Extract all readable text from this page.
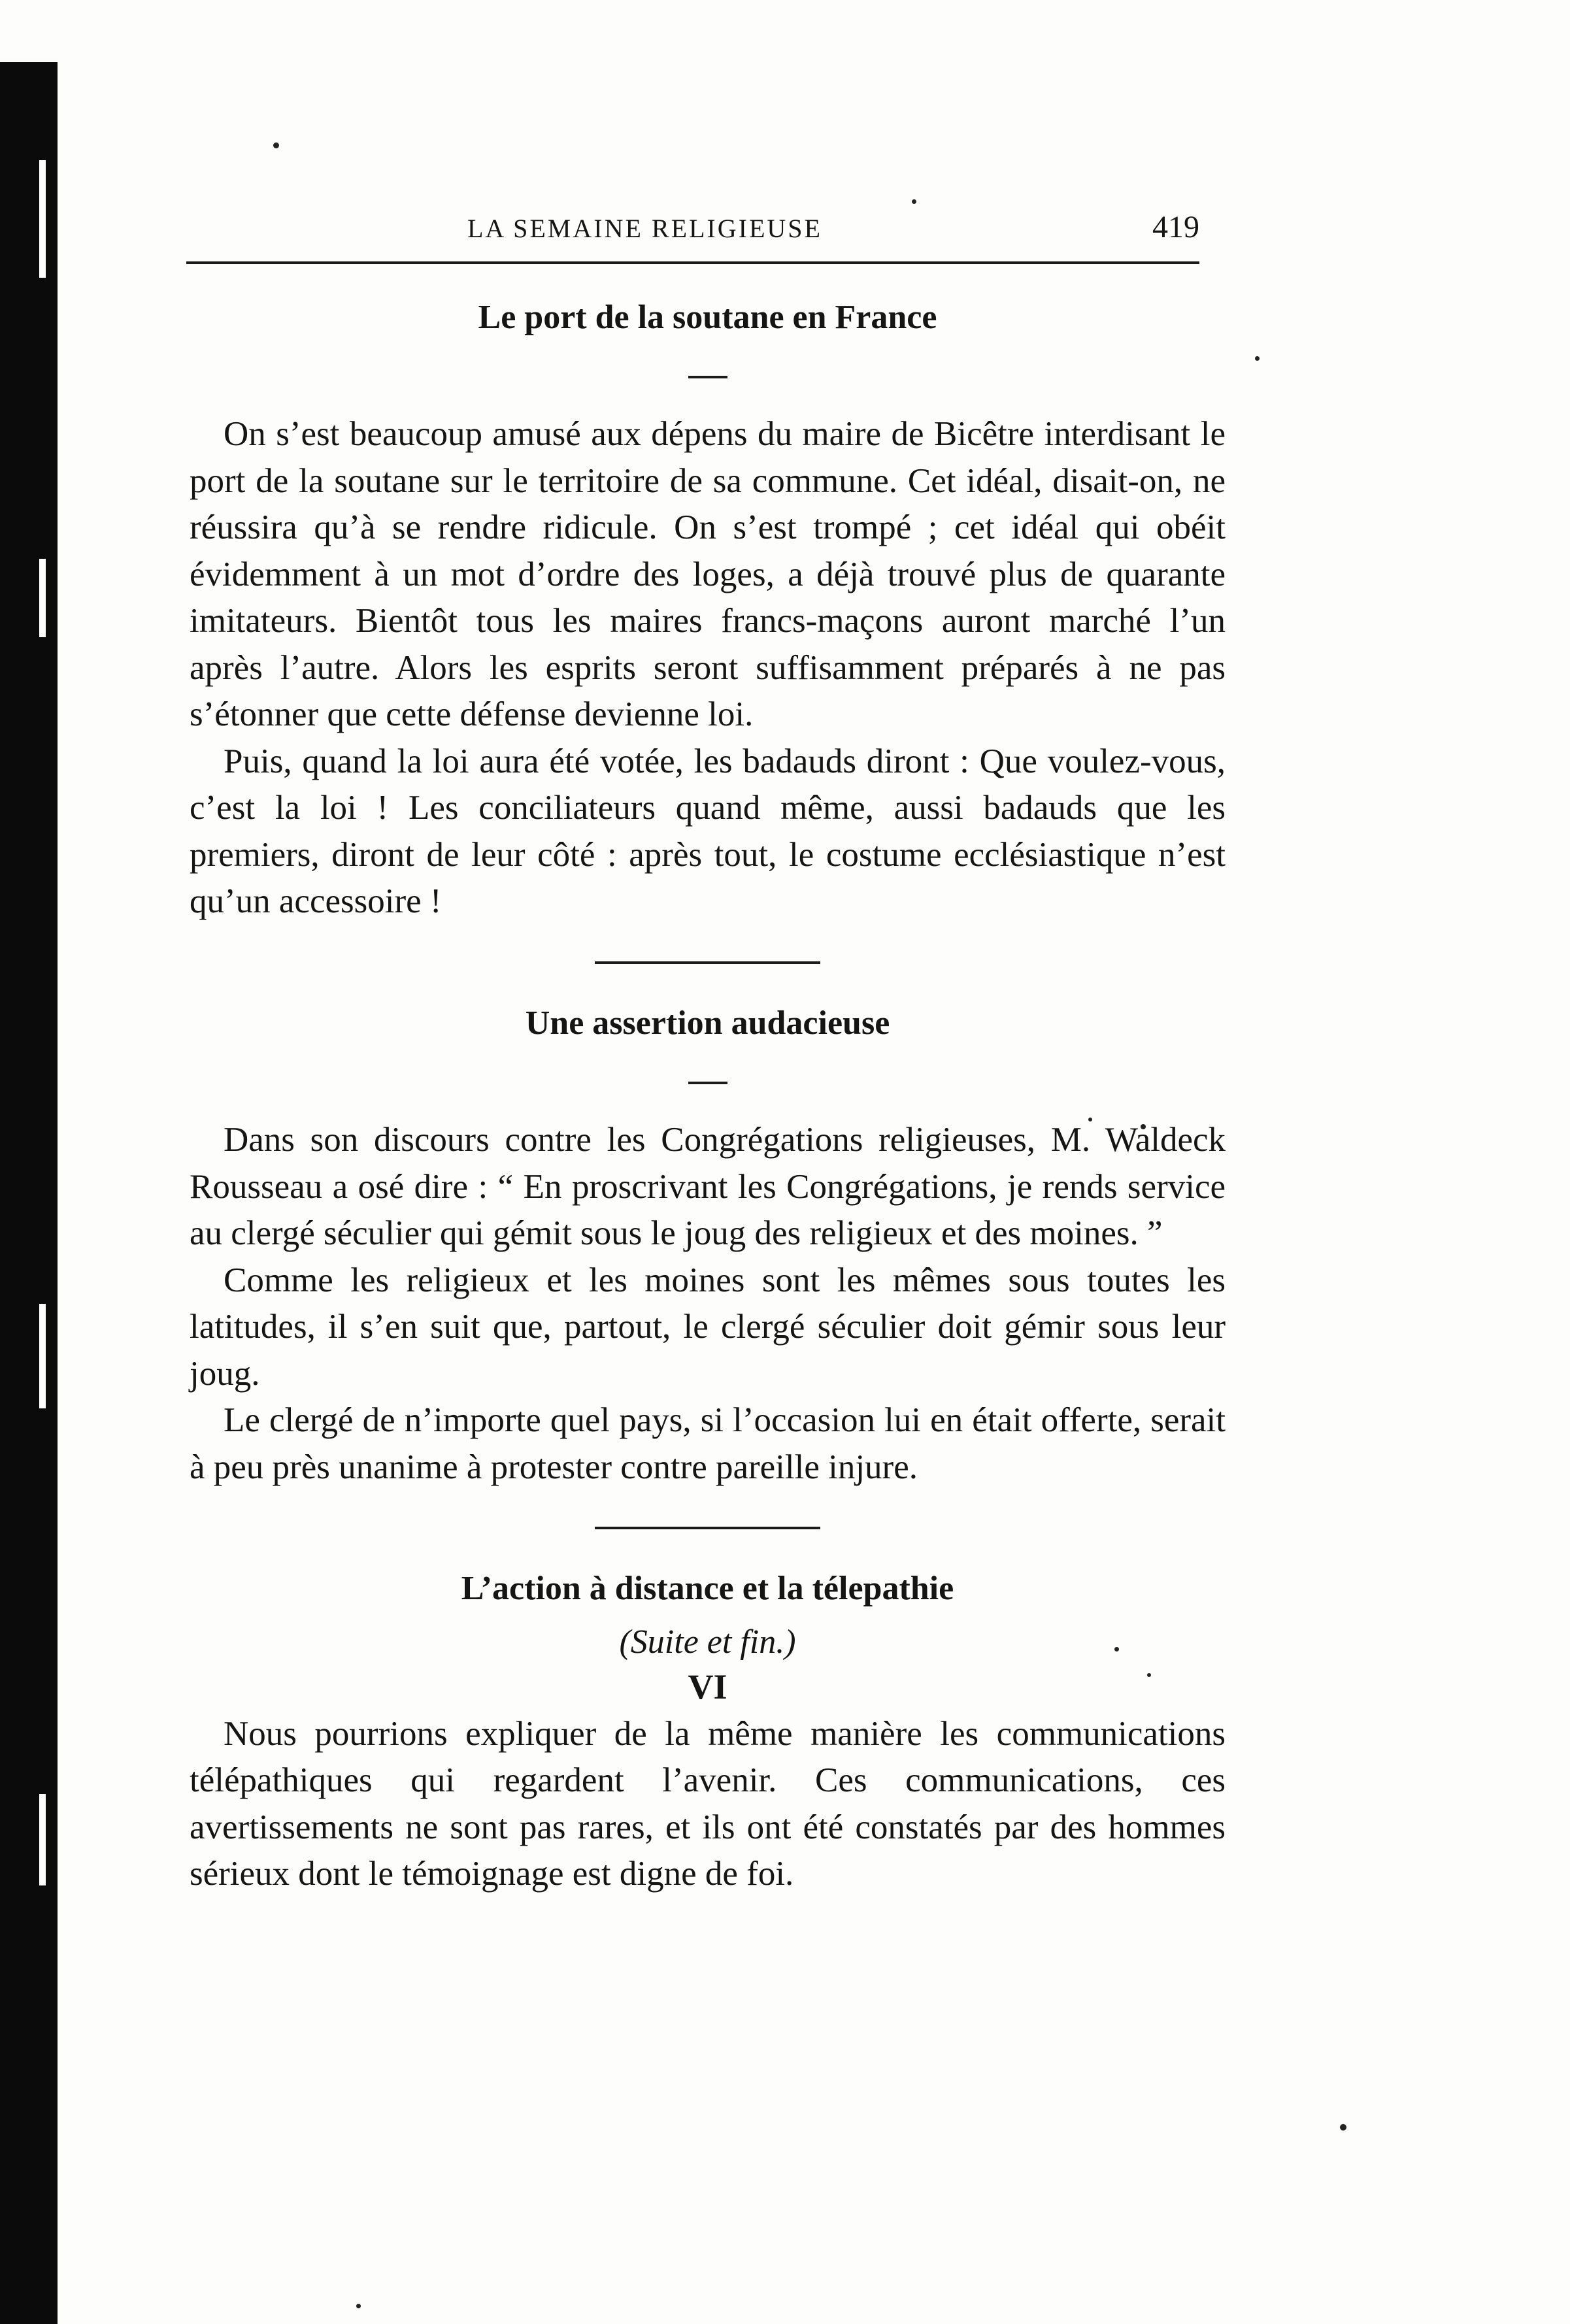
LA SEMAINE RELIGIEUSE	419
Le port de la soutane en France

On s’est beaucoup amusé aux dépens du maire de Bicêtre interdisant le port de la soutane sur le territoire de sa commune. Cet idéal, disait-on, ne réussira qu’à se rendre ridicule. On s’est trompé ; cet idéal qui obéit évidemment à un mot d’ordre des loges, a déjà trouvé plus de quarante imitateurs. Bientôt tous les maires francs-maçons auront marché l’un après l’autre. Alors les esprits seront suffisamment préparés à ne pas s’étonner que cette défense devienne loi.

Puis, quand la loi aura été votée, les badauds diront : Que voulez-vous, c’est la loi ! Les conciliateurs quand même, aussi badauds que les premiers, diront de leur côté : après tout, le costume ecclésiastique n’est qu’un accessoire !

Une assertion audacieuse

Dans son discours contre les Congrégations religieuses, M. Waldeck Rousseau a osé dire : “ En proscrivant les Congrégations, je rends service au clergé séculier qui gémit sous le joug des religieux et des moines. ”

Comme les religieux et les moines sont les mêmes sous toutes les latitudes, il s’en suit que, partout, le clergé séculier doit gémir sous leur joug.

Le clergé de n’importe quel pays, si l’occasion lui en était offerte, serait à peu près unanime à protester contre pareille injure.

L’action à distance et la télepathie
(Suite et fin.)
VI

Nous pourrions expliquer de la même manière les communications télépathiques qui regardent l’avenir. Ces communications, ces avertissements ne sont pas rares, et ils ont été constatés par des hommes sérieux dont le témoignage est digne de foi.
